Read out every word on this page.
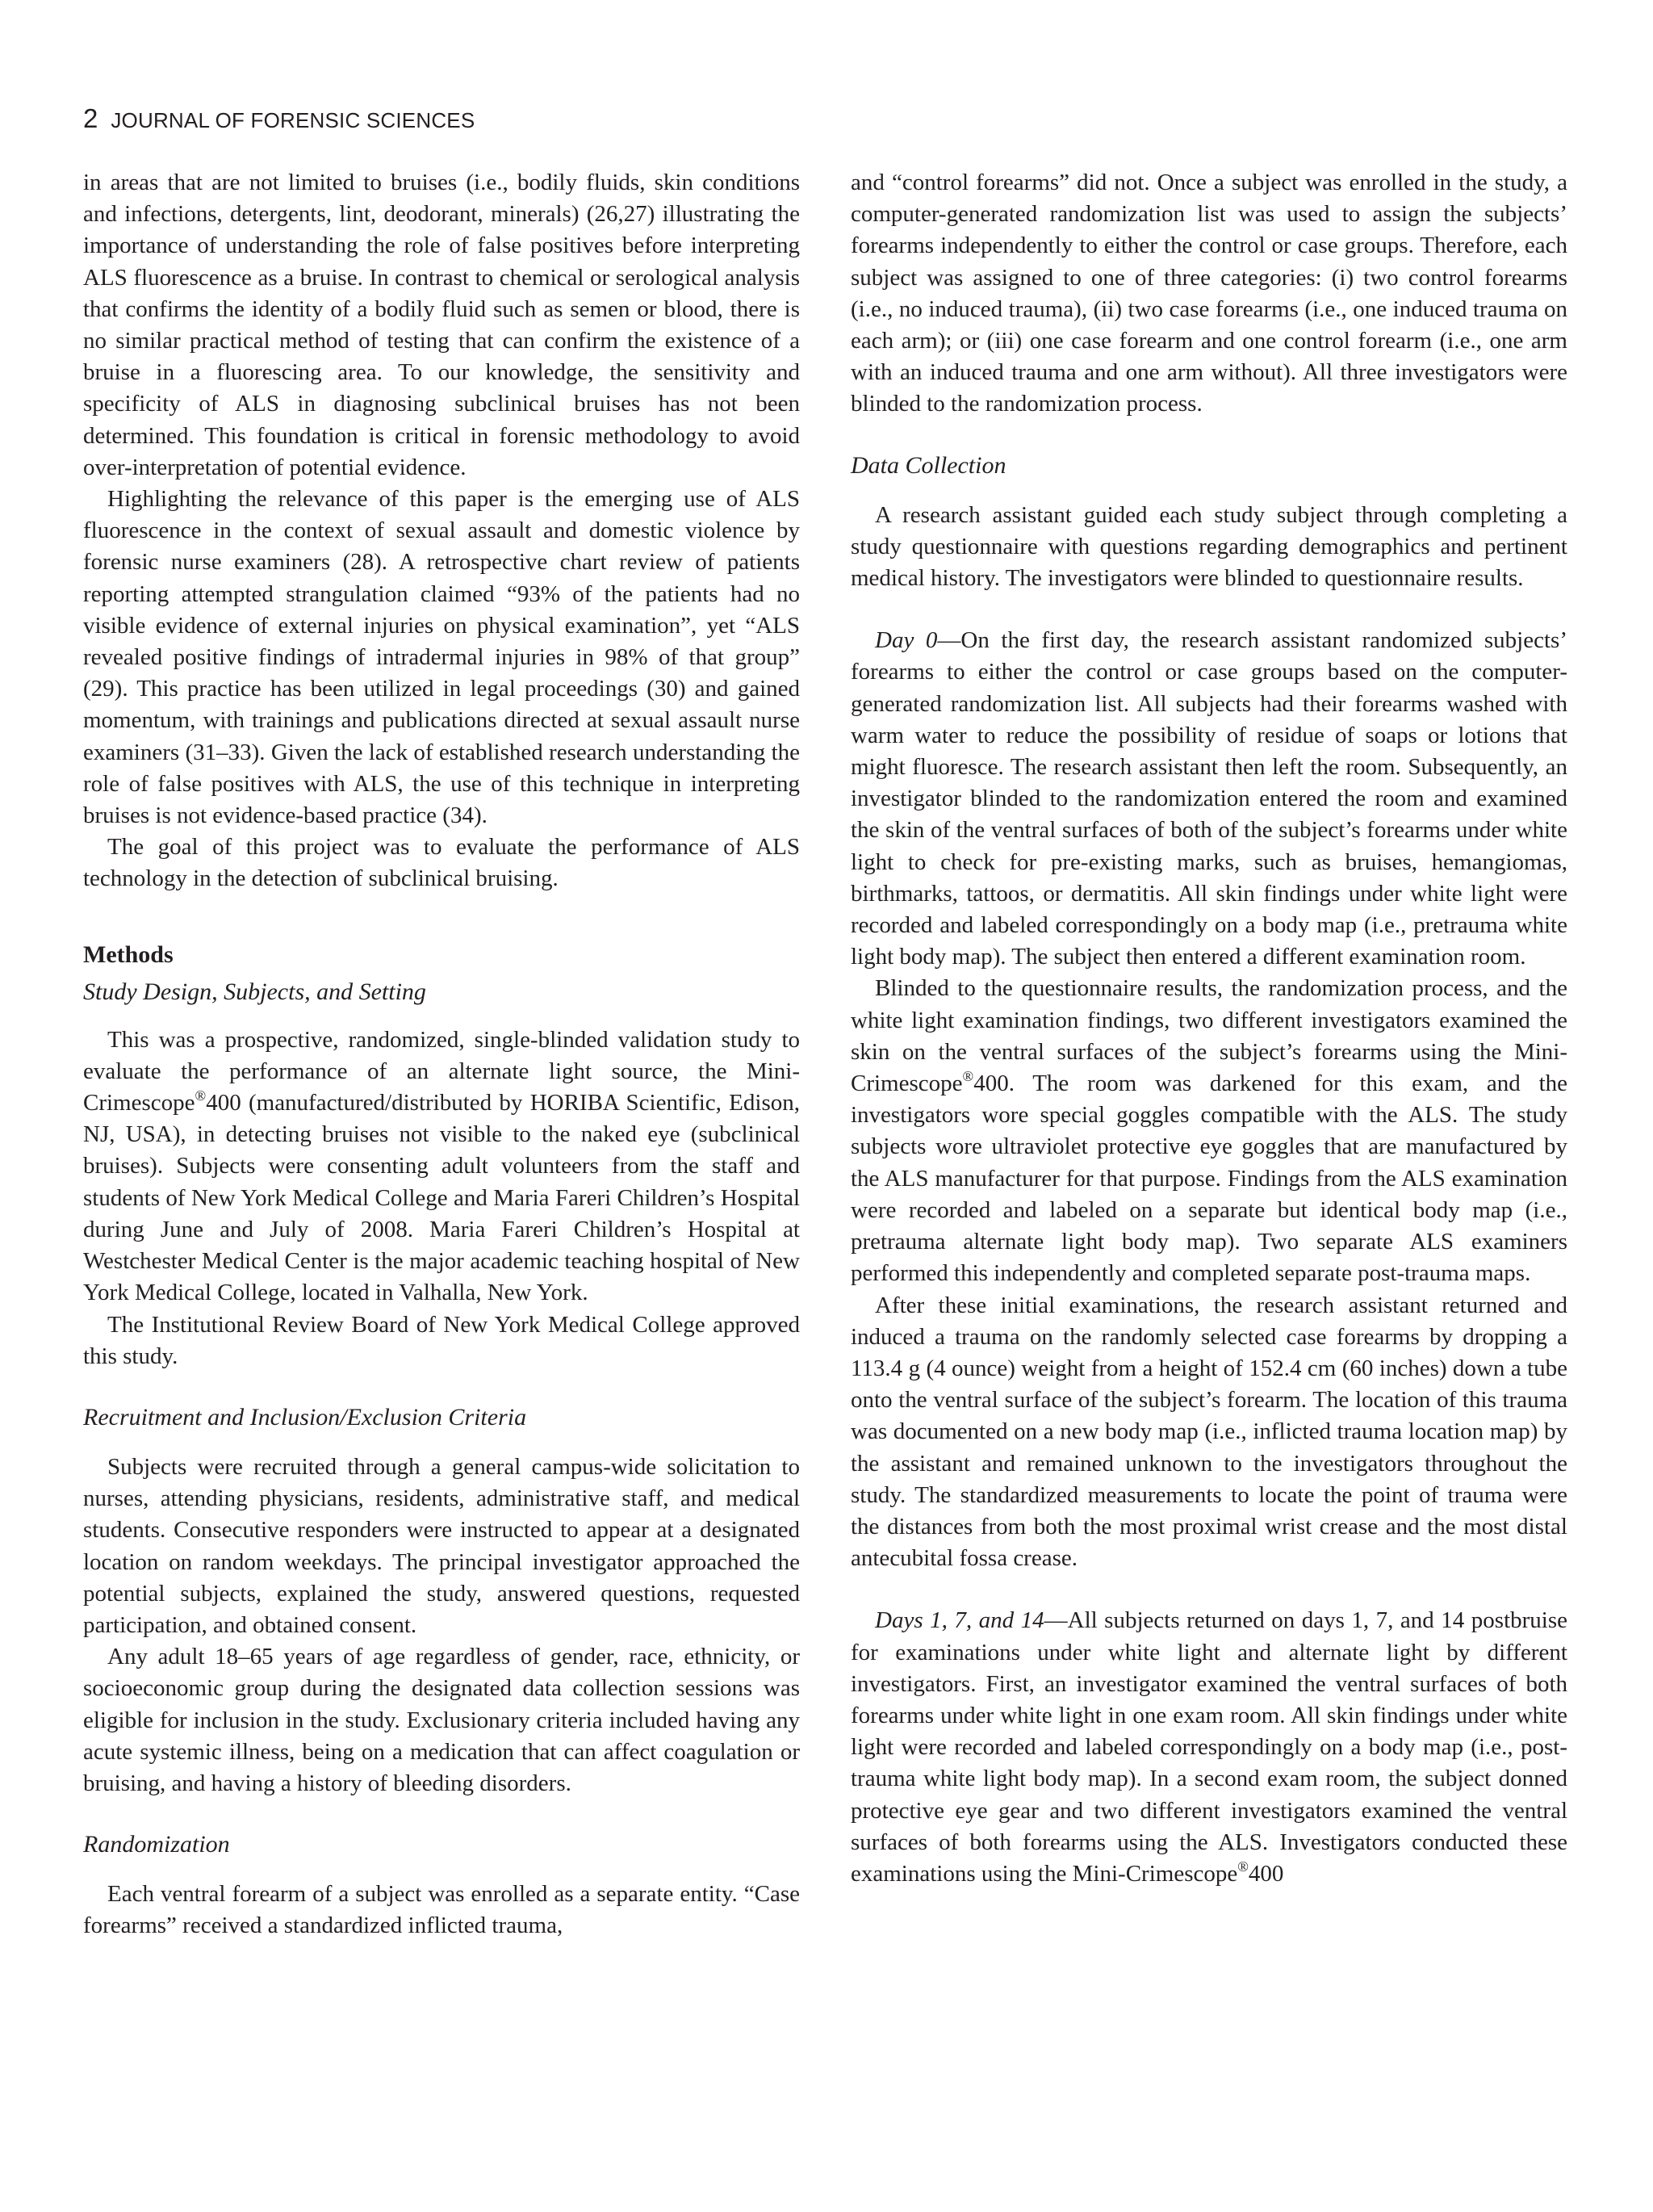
2 JOURNAL OF FORENSIC SCIENCES

in areas that are not limited to bruises (i.e., bodily fluids, skin conditions and infections, detergents, lint, deodorant, minerals) (26,27) illustrating the importance of understanding the role of false positives before interpreting ALS fluorescence as a bruise. In contrast to chemical or serological analysis that confirms the identity of a bodily fluid such as semen or blood, there is no similar practical method of testing that can confirm the existence of a bruise in a fluorescing area. To our knowledge, the sensitivity and specificity of ALS in diagnosing subclinical bruises has not been determined. This foundation is critical in forensic methodology to avoid over-interpretation of potential evidence.

Highlighting the relevance of this paper is the emerging use of ALS fluorescence in the context of sexual assault and domestic violence by forensic nurse examiners (28). A retrospective chart review of patients reporting attempted strangulation claimed “93% of the patients had no visible evidence of external injuries on physical examination”, yet “ALS revealed positive findings of intradermal injuries in 98% of that group” (29). This practice has been utilized in legal proceedings (30) and gained momentum, with trainings and publications directed at sexual assault nurse examiners (31–33). Given the lack of established research understanding the role of false positives with ALS, the use of this technique in interpreting bruises is not evidence-based practice (34).

The goal of this project was to evaluate the performance of ALS technology in the detection of subclinical bruising.

Methods
Study Design, Subjects, and Setting

This was a prospective, randomized, single-blinded validation study to evaluate the performance of an alternate light source, the Mini-Crimescope®400 (manufactured/distributed by HORIBA Scientific, Edison, NJ, USA), in detecting bruises not visible to the naked eye (subclinical bruises). Subjects were consenting adult volunteers from the staff and students of New York Medical College and Maria Fareri Children’s Hospital during June and July of 2008. Maria Fareri Children’s Hospital at Westchester Medical Center is the major academic teaching hospital of New York Medical College, located in Valhalla, New York.

The Institutional Review Board of New York Medical College approved this study.

Recruitment and Inclusion/Exclusion Criteria

Subjects were recruited through a general campus-wide solicitation to nurses, attending physicians, residents, administrative staff, and medical students. Consecutive responders were instructed to appear at a designated location on random weekdays. The principal investigator approached the potential subjects, explained the study, answered questions, requested participation, and obtained consent.

Any adult 18–65 years of age regardless of gender, race, ethnicity, or socioeconomic group during the designated data collection sessions was eligible for inclusion in the study. Exclusionary criteria included having any acute systemic illness, being on a medication that can affect coagulation or bruising, and having a history of bleeding disorders.

Randomization

Each ventral forearm of a subject was enrolled as a separate entity. “Case forearms” received a standardized inflicted trauma,

and “control forearms” did not. Once a subject was enrolled in the study, a computer-generated randomization list was used to assign the subjects’ forearms independently to either the control or case groups. Therefore, each subject was assigned to one of three categories: (i) two control forearms (i.e., no induced trauma), (ii) two case forearms (i.e., one induced trauma on each arm); or (iii) one case forearm and one control forearm (i.e., one arm with an induced trauma and one arm without). All three investigators were blinded to the randomization process.

Data Collection

A research assistant guided each study subject through completing a study questionnaire with questions regarding demographics and pertinent medical history. The investigators were blinded to questionnaire results.

Day 0—On the first day, the research assistant randomized subjects’ forearms to either the control or case groups based on the computer-generated randomization list. All subjects had their forearms washed with warm water to reduce the possibility of residue of soaps or lotions that might fluoresce. The research assistant then left the room. Subsequently, an investigator blinded to the randomization entered the room and examined the skin of the ventral surfaces of both of the subject’s forearms under white light to check for pre-existing marks, such as bruises, hemangiomas, birthmarks, tattoos, or dermatitis. All skin findings under white light were recorded and labeled correspondingly on a body map (i.e., pretrauma white light body map). The subject then entered a different examination room.

Blinded to the questionnaire results, the randomization process, and the white light examination findings, two different investigators examined the skin on the ventral surfaces of the subject’s forearms using the Mini-Crimescope®400. The room was darkened for this exam, and the investigators wore special goggles compatible with the ALS. The study subjects wore ultraviolet protective eye goggles that are manufactured by the ALS manufacturer for that purpose. Findings from the ALS examination were recorded and labeled on a separate but identical body map (i.e., pretrauma alternate light body map). Two separate ALS examiners performed this independently and completed separate post-trauma maps.

After these initial examinations, the research assistant returned and induced a trauma on the randomly selected case forearms by dropping a 113.4 g (4 ounce) weight from a height of 152.4 cm (60 inches) down a tube onto the ventral surface of the subject’s forearm. The location of this trauma was documented on a new body map (i.e., inflicted trauma location map) by the assistant and remained unknown to the investigators throughout the study. The standardized measurements to locate the point of trauma were the distances from both the most proximal wrist crease and the most distal antecubital fossa crease.

Days 1, 7, and 14—All subjects returned on days 1, 7, and 14 postbruise for examinations under white light and alternate light by different investigators. First, an investigator examined the ventral surfaces of both forearms under white light in one exam room. All skin findings under white light were recorded and labeled correspondingly on a body map (i.e., post-trauma white light body map). In a second exam room, the subject donned protective eye gear and two different investigators examined the ventral surfaces of both forearms using the ALS. Investigators conducted these examinations using the Mini-Crimescope®400
